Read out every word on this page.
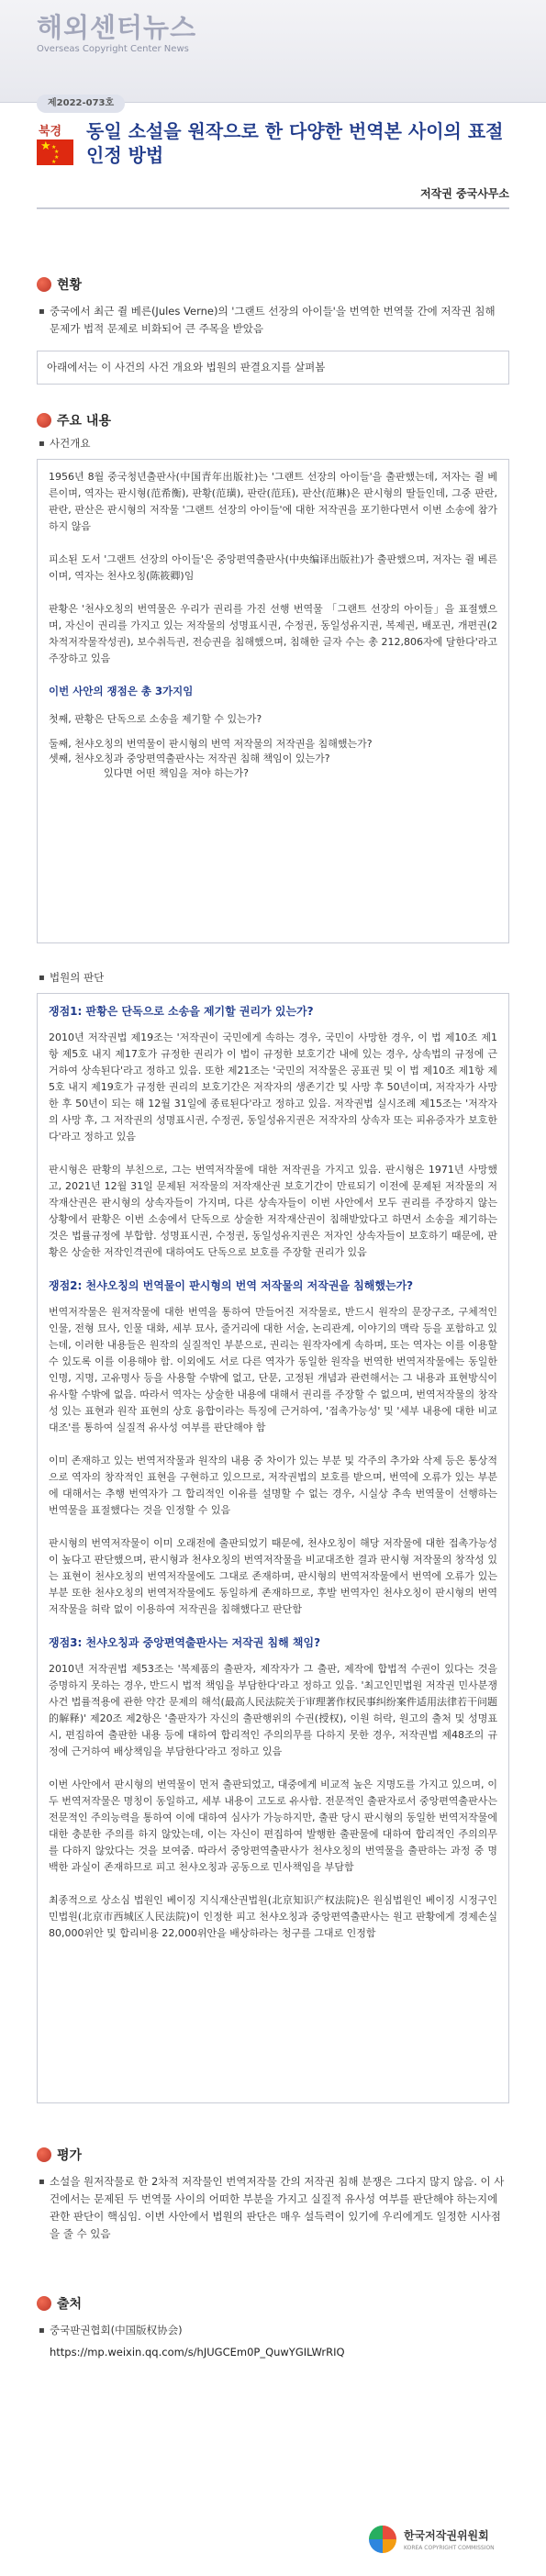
해외센터뉴스
Overseas Copyright Center News
제2022-073호
북경
★ ★
★
★
★
동일 소설을 원작으로 한 다양한 번역본 사이의 표절 인정 방법
저작권 중국사무소
현황
▪ 중국에서 최근 쥘 베른(Jules Verne)의 '그랜트 선장의 아이들'을 번역한 번역물 간에 저작권 침해 문제가 법적 문제로 비화되어 큰 주목을 받았음
아래에서는 이 사건의 사건 개요와 법원의 판결요지를 살펴봄
주요 내용
▪ 사건개요

1956년 8월 중국청년출판사(中国青年出版社)는 '그랜트 선장의 아이들'을 출판했는데, 저자는 쥘 베른이며, 역자는 판시형(范希衡), 판황(范璜), 판란(范珏), 판산(范琳)은 판시형의 딸들인데, 그중 판란, 판란, 판산은 판시형의 저작물 '그랜트 선장의 아이들'에 대한 저작권을 포기한다면서 이번 소송에 참가하지 않음

피소된 도서 '그랜트 선장의 아이들'은 중앙편역출판사(中央编译出版社)가 출판했으며, 저자는 쥘 베른이며, 역자는 천샤오칭(陈筱卿)임

판황은 '천샤오칭의 번역물은 우리가 권리를 가진 선행 번역물 「그랜트 선장의 아이들」을 표절했으며, 자신이 권리를 가지고 있는 저작물의 성명표시권, 수정권, 동일성유지권, 복제권, 배포권, 개편권(2차적저작물작성권), 보수취득권, 전승권을 침해했으며, 침해한 글자 수는 총 212,806자에 달한다'라고 주장하고 있음

이번 사안의 쟁점은 총 3가지임

첫째, 판황은 단독으로 소송을 제기할 수 있는가?

둘째, 천샤오칭의 번역물이 판시형의 번역 저작물의 저작권을 침해했는가?
셋째, 천샤오칭과 중앙편역출판사는 저작권 침해 책임이 있는가?
있다면 어떤 책임을 져야 하는가?
▪ 법원의 판단

쟁점1: 판황은 단독으로 소송을 제기할 권리가 있는가?

2010년 저작권법 제19조는 '저작권이 국민에게 속하는 경우, 국민이 사망한 경우, 이 법 제10조 제1항 제5호 내지 제17호가 규정한 권리가 이 법이 규정한 보호기간 내에 있는 경우, 상속법의 규정에 근거하여 상속된다'라고 정하고 있음. 또한 제21조는 '국민의 저작물은 공표권 및 이 법 제10조 제1항 제5호 내지 제19호가 규정한 권리의 보호기간은 저작자의 생존기간 및 사망 후 50년이며, 저작자가 사망한 후 50년이 되는 해 12월 31일에 종료된다'라고 정하고 있음. 저작권법 실시조례 제15조는 '저작자의 사망 후, 그 저작권의 성명표시권, 수정권, 동일성유지권은 저작자의 상속자 또는 피유증자가 보호한다'라고 정하고 있음

판시형은 판황의 부친으로, 그는 번역저작물에 대한 저작권을 가지고 있음. 판시형은 1971년 사망했고, 2021년 12월 31일 문제된 저작물의 저작재산권 보호기간이 만료되기 이전에 문제된 저작물의 저작재산권은 판시형의 상속자들이 가지며, 다른 상속자들이 이번 사안에서 모두 권리를 주장하지 않는 상황에서 판황은 이번 소송에서 단독으로 상술한 저작재산권이 침해받았다고 하면서 소송을 제기하는 것은 법률규정에 부합함. 성명표시권, 수정권, 동일성유지권은 저자인 상속자들이 보호하기 때문에, 판황은 상술한 저작인격권에 대하여도 단독으로 보호를 주장할 권리가 있음

쟁점2: 천샤오칭의 번역물이 판시형의 번역 저작물의 저작권을 침해했는가?

번역저작물은 원저작물에 대한 번역을 통하여 만들어진 저작물로, 반드시 원작의 문장구조, 구체적인 인물, 전형 묘사, 인물 대화, 세부 묘사, 줄거리에 대한 서술, 논리관계, 이야기의 맥락 등을 포함하고 있는데, 이러한 내용들은 원작의 실질적인 부분으로, 권리는 원작자에게 속하며, 또는 역자는 이를 이용할 수 있도록 이를 이용해야 함. 이외에도 서로 다른 역자가 동일한 원작을 번역한 번역저작물에는 동일한 인명, 지명, 고유명사 등을 사용할 수밖에 없고, 단문, 고정된 개념과 관련해서는 그 내용과 표현방식이 유사할 수밖에 없음. 따라서 역자는 상술한 내용에 대해서 권리를 주장할 수 없으며, 번역저작물의 창작성 있는 표현과 원작 표현의 상호 융합이라는 특징에 근거하여, '접촉가능성' 및 '세부 내용에 대한 비교대조'를 통하여 실질적 유사성 여부를 판단해야 함

이미 존재하고 있는 번역저작물과 원작의 내용 중 차이가 있는 부분 및 각주의 추가와 삭제 등은 통상적으로 역자의 창작적인 표현을 구현하고 있으므로, 저작권법의 보호를 받으며, 번역에 오류가 있는 부분에 대해서는 추행 번역자가 그 합리적인 이유를 설명할 수 없는 경우, 시실상 추속 번역물이 선행하는 번역물을 표절했다는 것을 인정할 수 있음

판시형의 번역저작물이 이미 오래전에 출판되었기 때문에, 천샤오칭이 해당 저작물에 대한 접촉가능성이 높다고 판단했으며, 판시형과 천샤오칭의 번역저작물을 비교대조한 결과 판시형 저작물의 창작성 있는 표현이 천샤오칭의 번역저작물에도 그대로 존재하며, 판시형의 번역저작물에서 번역에 오류가 있는 부분 또한 천샤오칭의 번역저작물에도 동일하게 존재하므로, 후발 번역자인 천샤오칭이 판시형의 번역저작물을 허락 없이 이용하여 저작권을 침해했다고 판단함

쟁점3: 천샤오칭과 중앙편역출판사는 저작권 침해 책임?

2010년 저작권법 제53조는 '복제품의 출판자, 제작자가 그 출판, 제작에 합법적 수권이 있다는 것을 증명하지 못하는 경우, 반드시 법적 책임을 부담한다'라고 정하고 있음. '최고인민법원 저작권 민사분쟁사건 법률적용에 관한 약간 문제의 해석(最高人民法院关于审理著作权民事纠纷案件适用法律若干问题的解释)' 제20조 제2항은 '출판자가 자신의 출판행위의 수권(授权), 이원 허락, 원고의 출처 및 성명표시, 편집하여 출판한 내용 등에 대하여 합리적인 주의의무를 다하지 못한 경우, 저작권법 제48조의 규정에 근거하여 배상책임을 부담한다'라고 정하고 있음

이번 사안에서 판시형의 번역물이 먼저 출판되었고, 대중에게 비교적 높은 지명도를 가지고 있으며, 이 두 번역저작물은 명칭이 동일하고, 세부 내용이 고도로 유사함. 전문적인 출판자로서 중앙편역출판사는 전문적인 주의능력을 통하여 이에 대하여 심사가 가능하지만, 출판 당시 판시형의 동일한 번역저작물에 대한 충분한 주의를 하지 않았는데, 이는 자신이 편집하여 발행한 출판물에 대하여 합리적인 주의의무를 다하지 않았다는 것을 보여줌. 따라서 중앙편역출판사가 천샤오칭의 번역물을 출판하는 과정 중 명백한 과실이 존재하므로 피고 천샤오칭과 공동으로 민사책임을 부담함

최종적으로 상소심 법원인 베이징 지식재산권법원(北京知识产权法院)은 원심법원인 베이징 시정구인민법원(北京市西城区人民法院)이 인정한 피고 천샤오칭과 중앙편역출판사는 원고 판황에게 경제손실 80,000위안 및 합리비용 22,000위안을 배상하라는 청구를 그대로 인정함

평가
▪ 소설을 원저작물로 한 2차적 저작물인 번역저작물 간의 저작권 침해 분쟁은 그다지 많지 않음. 이 사건에서는 문제된 두 번역물 사이의 어떠한 부분을 가지고 실질적 유사성 여부를 판단해야 하는지에 관한 판단이 핵심임. 이번 사안에서 법원의 판단은 매우 설득력이 있기에 우리에게도 일정한 시사점을 줄 수 있음
출처
▪ 중국판권협회(中国版权协会)
https://mp.weixin.qq.com/s/hJUGCEm0P_QuwYGILWrRIQ
한국저작권위원회
KOREA COPYRIGHT COMMISSION
